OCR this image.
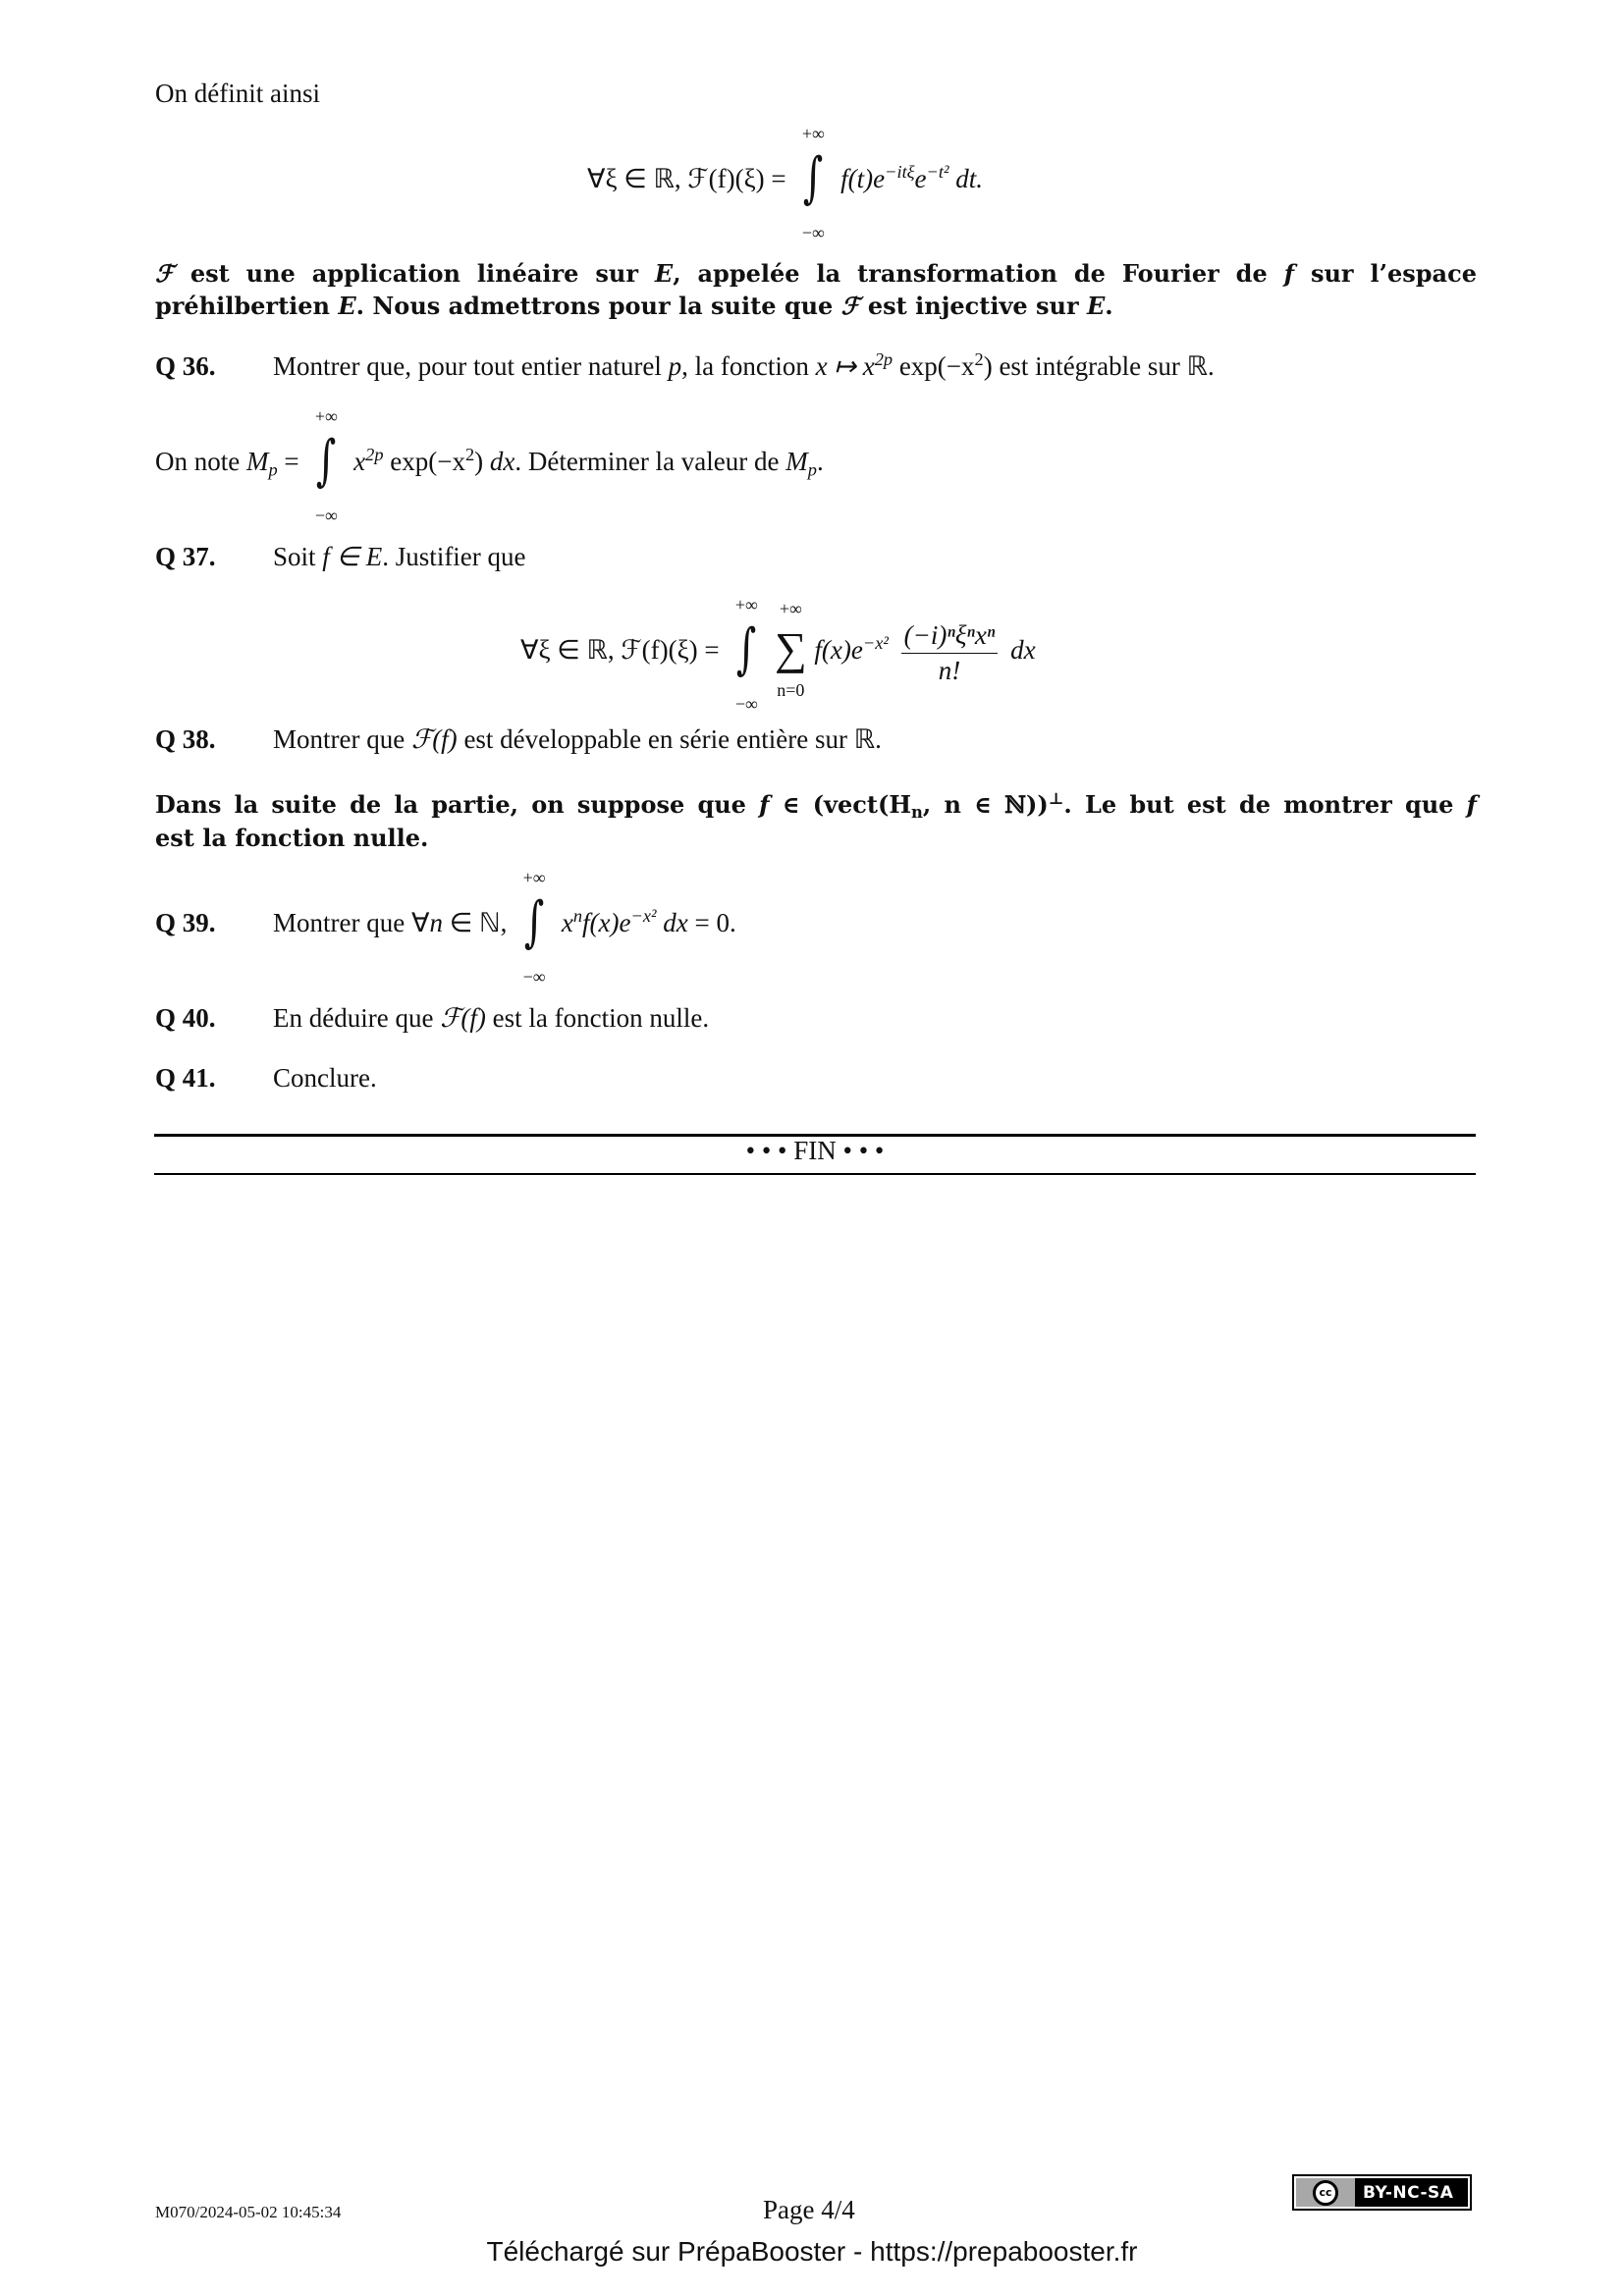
On définit ainsi
∀ξ ∈ ℝ, ℱ(f)(ξ) =
+∞
∫
−∞
$f(t)e^{-it\xi}e^{-t^2}$ dt.
ℱ est une application linéaire sur E, appelée la transformation de Fourier de f sur l’espace
préhilbertien E. Nous admettrons pour la suite que ℱ est injective sur E.
Q 36. Montrer que, pour tout entier naturel p, la fonction x ↦ $x^{2p}$ $\exp(-x^2)$ est intégrable sur ℝ.
On note $M_p$ =
+∞
∫
−∞
$x^{2p}$ $\exp(-x^2)$ dx. Déterminer la valeur de $M_p$.
Q 37. Soit f ∈ E. Justifier que
∀ξ ∈ ℝ, ℱ(f)(ξ) =
+∞
∫
−∞
+∞
∑
n=0
$f(x)e^{-x^2} \frac{\text{(−i)ⁿξⁿxⁿ}}{n!}$ dx
Q 38. Montrer que ℱ(f) est développable en série entière sur ℝ.
Dans la suite de la partie, on suppose que f ∈ ($vect(H_n$, n ∈ ℕ))⊥. Le but est de montrer que f
est la fonction nulle.
Q 39. Montrer que ∀n ∈ ℕ,
+∞
∫
−∞
$x^nf(x)e^{-x^2}$ dx = 0.
Q 40. En déduire que ℱ(f) est la fonction nulle.
Q 41. Conclure.
• • • FIN • • •
M070/2024-05-02 10:45:34	Page 4/4
cc	BY-NC-SA
Téléchargé sur PrépaBooster - https://prepabooster.fr
